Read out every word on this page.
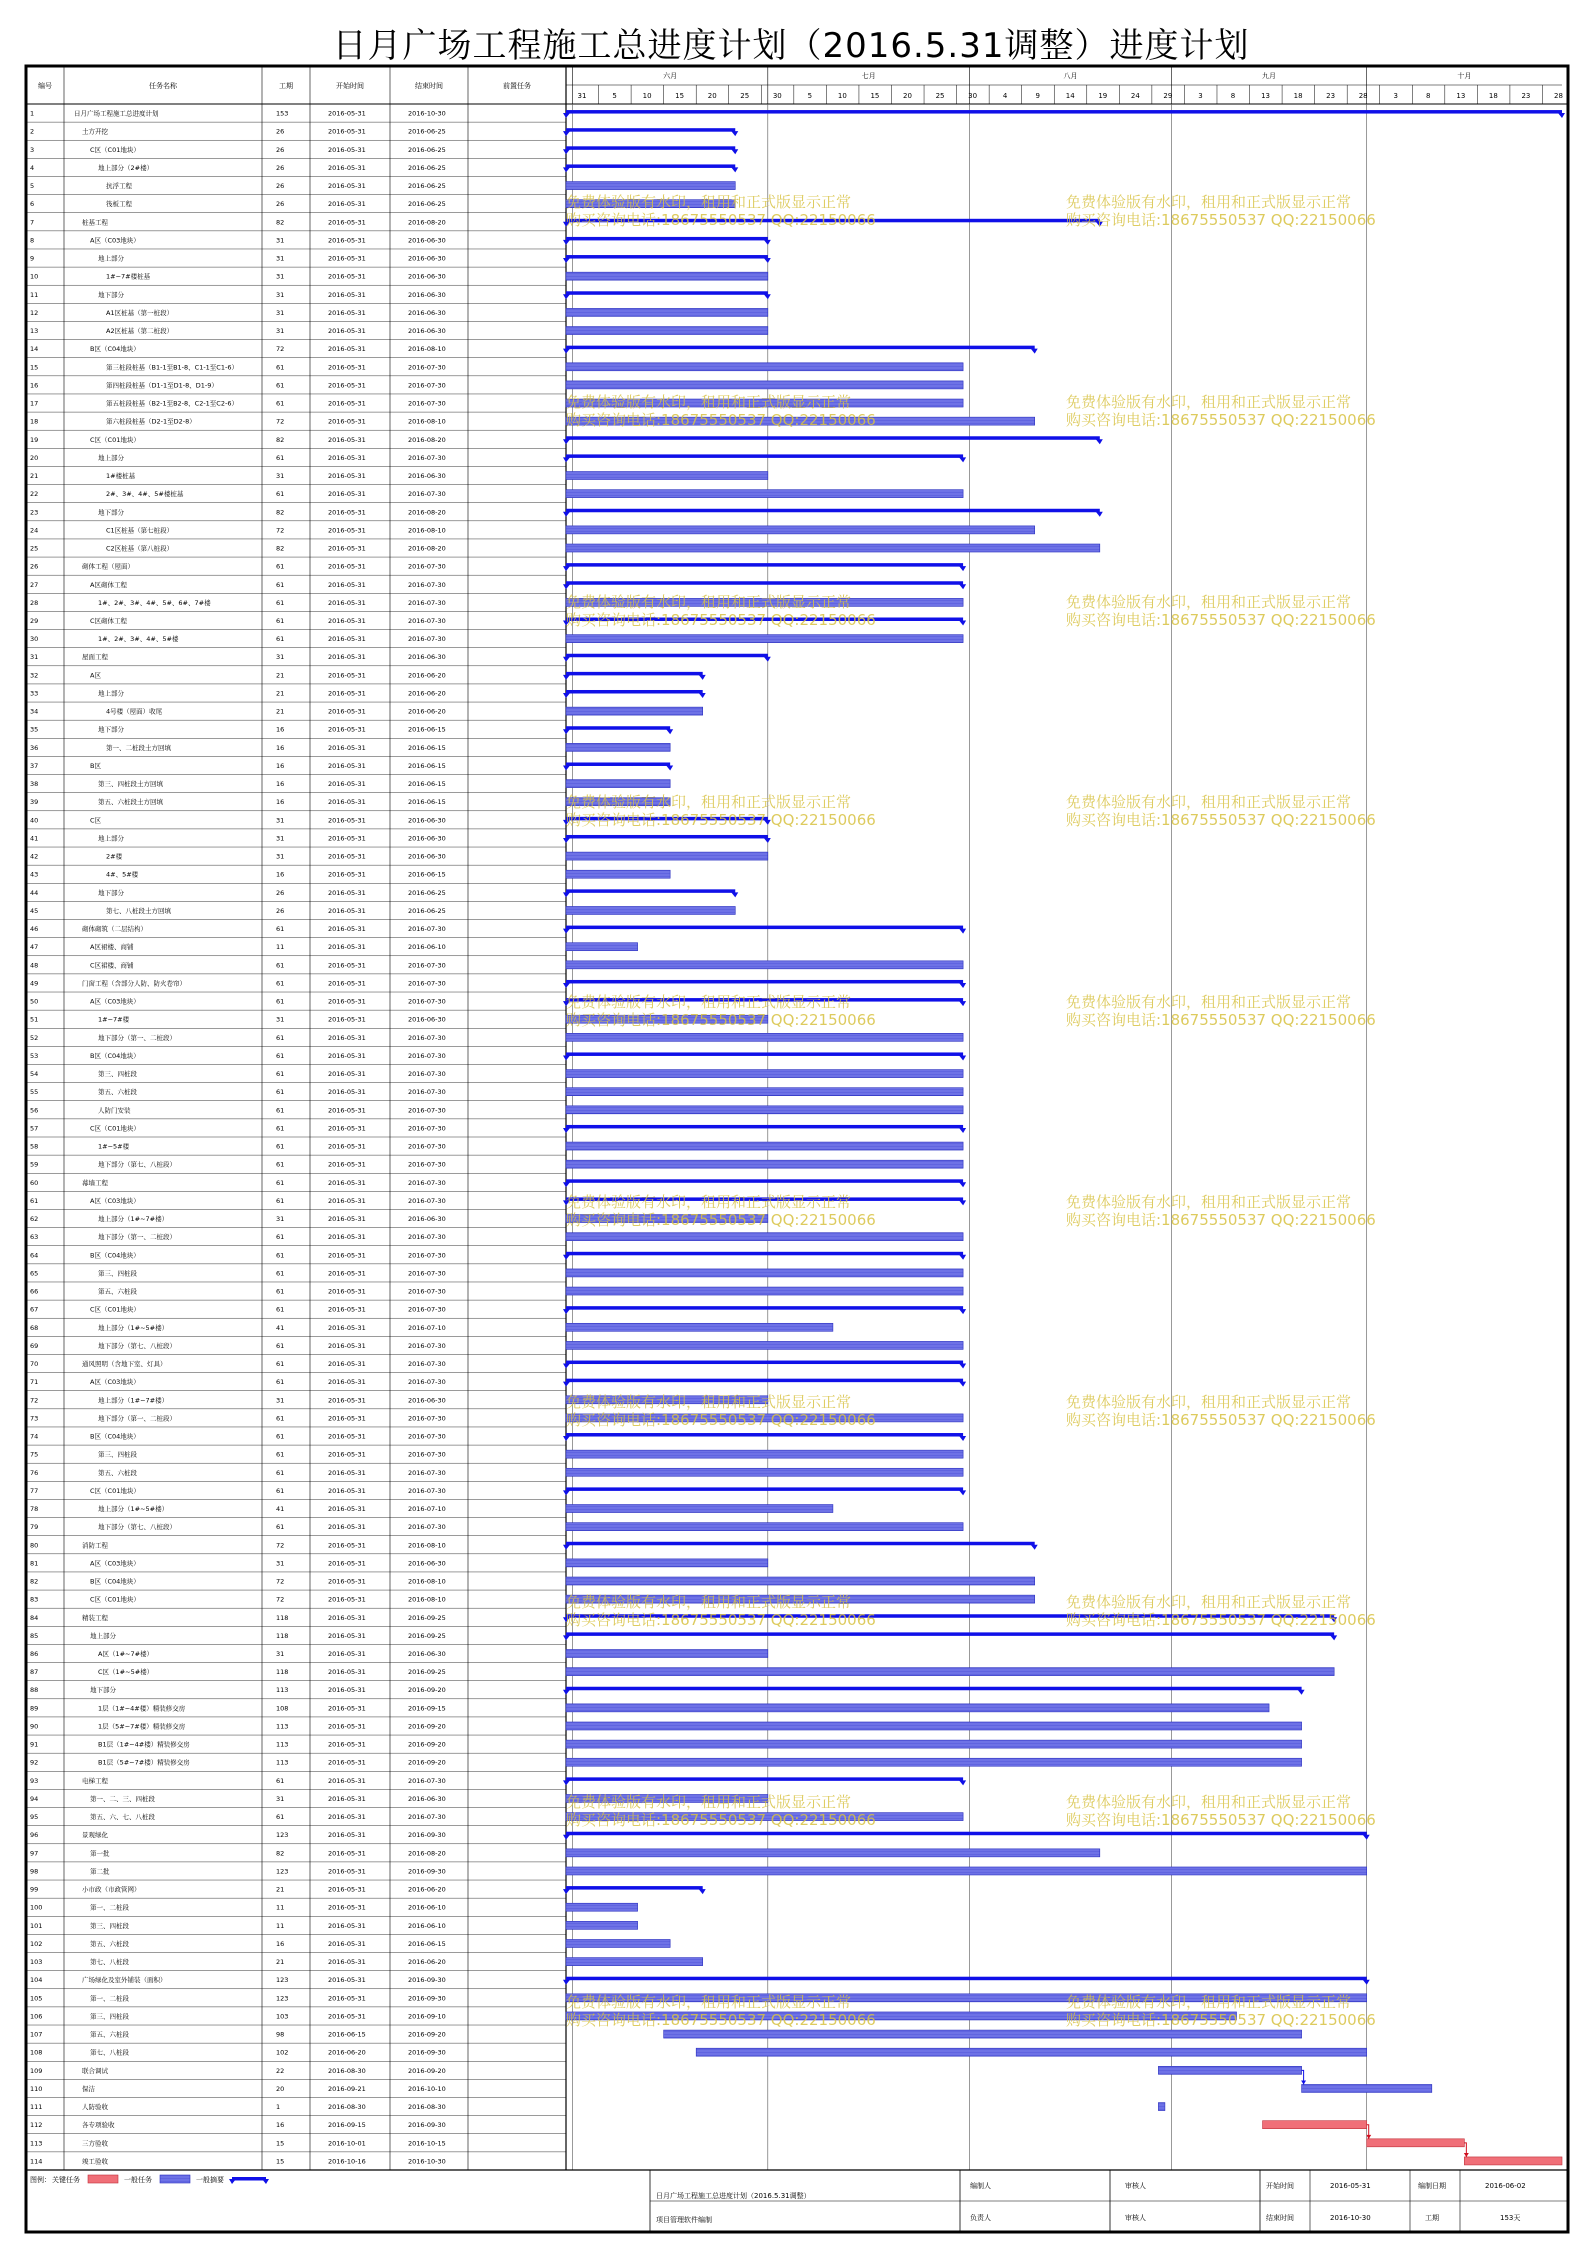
日月广场工程施工总进度计划（2016.5.31调整）进度计划
编号	任务名称	工期	开始时间	结束时间	前置任务
六月	七月	八月	九月	十月
31	5	10	15	20	25	30	5	10	15	20	25	30	4	9	14	19	24	29	3	8	13	18	23	28	3	8	13	18	23	28
1	日月广场工程施工总进度计划	153	2016-05-31	2016-10-30
2	土方开挖	26	2016-05-31	2016-06-25
3	C区（C01地块）	26	2016-05-31	2016-06-25
4	地上部分（2#楼）	26	2016-05-31	2016-06-25
5	抗浮工程	26	2016-05-31	2016-06-25
6	筏板工程	26	2016-05-31	2016-06-25
7	桩基工程	82	2016-05-31	2016-08-20
8	A区（C03地块）	31	2016-05-31	2016-06-30
9	地上部分	31	2016-05-31	2016-06-30
10	1#~7#楼桩基	31	2016-05-31	2016-06-30
11	地下部分	31	2016-05-31	2016-06-30
12	A1区桩基（第一桩段）	31	2016-05-31	2016-06-30
13	A2区桩基（第二桩段）	31	2016-05-31	2016-06-30
14	B区（C04地块）	72	2016-05-31	2016-08-10
15	第三桩段桩基（B1-1至B1-8、C1-1至C1-6）	61	2016-05-31	2016-07-30
16	第四桩段桩基（D1-1至D1-8、D1-9）	61	2016-05-31	2016-07-30
17	第五桩段桩基（B2-1至B2-8、C2-1至C2-6）	61	2016-05-31	2016-07-30
18	第六桩段桩基（D2-1至D2-8）	72	2016-05-31	2016-08-10
19	C区（C01地块）	82	2016-05-31	2016-08-20
20	地上部分	61	2016-05-31	2016-07-30
21	1#楼桩基	31	2016-05-31	2016-06-30
22	2#、3#、4#、5#楼桩基	61	2016-05-31	2016-07-30
23	地下部分	82	2016-05-31	2016-08-20
24	C1区桩基（第七桩段）	72	2016-05-31	2016-08-10
25	C2区桩基（第八桩段）	82	2016-05-31	2016-08-20
26	砌体工程（屋面）	61	2016-05-31	2016-07-30
27	A区砌体工程	61	2016-05-31	2016-07-30
28	1#、2#、3#、4#、5#、6#、7#楼	61	2016-05-31	2016-07-30
29	C区砌体工程	61	2016-05-31	2016-07-30
30	1#、2#、3#、4#、5#楼	61	2016-05-31	2016-07-30
31	屋面工程	31	2016-05-31	2016-06-30
32	A区	21	2016-05-31	2016-06-20
33	地上部分	21	2016-05-31	2016-06-20
34	4号楼（屋面）收尾	21	2016-05-31	2016-06-20
35	地下部分	16	2016-05-31	2016-06-15
36	第一、二桩段土方回填	16	2016-05-31	2016-06-15
37	B区	16	2016-05-31	2016-06-15
38	第三、四桩段土方回填	16	2016-05-31	2016-06-15
39	第五、六桩段土方回填	16	2016-05-31	2016-06-15
40	C区	31	2016-05-31	2016-06-30
41	地上部分	31	2016-05-31	2016-06-30
42	2#楼	31	2016-05-31	2016-06-30
43	4#、5#楼	16	2016-05-31	2016-06-15
44	地下部分	26	2016-05-31	2016-06-25
45	第七、八桩段土方回填	26	2016-05-31	2016-06-25
46	砌体砌筑（二层结构）	61	2016-05-31	2016-07-30
47	A区裙楼、商铺	11	2016-05-31	2016-06-10
48	C区裙楼、商铺	61	2016-05-31	2016-07-30
49	门窗工程（含部分人防、防火卷帘）	61	2016-05-31	2016-07-30
50	A区（C03地块）	61	2016-05-31	2016-07-30
51	1#~7#楼	31	2016-05-31	2016-06-30
52	地下部分（第一、二桩段）	61	2016-05-31	2016-07-30
53	B区（C04地块）	61	2016-05-31	2016-07-30
54	第三、四桩段	61	2016-05-31	2016-07-30
55	第五、六桩段	61	2016-05-31	2016-07-30
56	人防门安装	61	2016-05-31	2016-07-30
57	C区（C01地块）	61	2016-05-31	2016-07-30
58	1#~5#楼	61	2016-05-31	2016-07-30
59	地下部分（第七、八桩段）	61	2016-05-31	2016-07-30
60	幕墙工程	61	2016-05-31	2016-07-30
61	A区（C03地块）	61	2016-05-31	2016-07-30
62	地上部分（1#~7#楼）	31	2016-05-31	2016-06-30
63	地下部分（第一、二桩段）	61	2016-05-31	2016-07-30
64	B区（C04地块）	61	2016-05-31	2016-07-30
65	第三、四桩段	61	2016-05-31	2016-07-30
66	第五、六桩段	61	2016-05-31	2016-07-30
67	C区（C01地块）	61	2016-05-31	2016-07-30
68	地上部分（1#~5#楼）	41	2016-05-31	2016-07-10
69	地下部分（第七、八桩段）	61	2016-05-31	2016-07-30
70	通风照明（含地下室、灯具）	61	2016-05-31	2016-07-30
71	A区（C03地块）	61	2016-05-31	2016-07-30
72	地上部分（1#~7#楼）	31	2016-05-31	2016-06-30
73	地下部分（第一、二桩段）	61	2016-05-31	2016-07-30
74	B区（C04地块）	61	2016-05-31	2016-07-30
75	第三、四桩段	61	2016-05-31	2016-07-30
76	第五、六桩段	61	2016-05-31	2016-07-30
77	C区（C01地块）	61	2016-05-31	2016-07-30
78	地上部分（1#~5#楼）	41	2016-05-31	2016-07-10
79	地下部分（第七、八桩段）	61	2016-05-31	2016-07-30
80	消防工程	72	2016-05-31	2016-08-10
81	A区（C03地块）	31	2016-05-31	2016-06-30
82	B区（C04地块）	72	2016-05-31	2016-08-10
83	C区（C01地块）	72	2016-05-31	2016-08-10
84	精装工程	118	2016-05-31	2016-09-25
85	地上部分	118	2016-05-31	2016-09-25
86	A区（1#~7#楼）	31	2016-05-31	2016-06-30
87	C区（1#~5#楼）	118	2016-05-31	2016-09-25
88	地下部分	113	2016-05-31	2016-09-20
89	1层（1#~4#楼）精装修交房	108	2016-05-31	2016-09-15
90	1层（5#~7#楼）精装修交房	113	2016-05-31	2016-09-20
91	B1层（1#~4#楼）精装修交房	113	2016-05-31	2016-09-20
92	B1层（5#~7#楼）精装修交房	113	2016-05-31	2016-09-20
93	电梯工程	61	2016-05-31	2016-07-30
94	第一、二、三、四桩段	31	2016-05-31	2016-06-30
95	第五、六、七、八桩段	61	2016-05-31	2016-07-30
96	景观绿化	123	2016-05-31	2016-09-30
97	第一批	82	2016-05-31	2016-08-20
98	第二批	123	2016-05-31	2016-09-30
99	小市政（市政管网）	21	2016-05-31	2016-06-20
100	第一、二桩段	11	2016-05-31	2016-06-10
101	第三、四桩段	11	2016-05-31	2016-06-10
102	第五、六桩段	16	2016-05-31	2016-06-15
103	第七、八桩段	21	2016-05-31	2016-06-20
104	广场绿化及室外铺装（面积）	123	2016-05-31	2016-09-30
105	第一、二桩段	123	2016-05-31	2016-09-30
106	第三、四桩段	103	2016-05-31	2016-09-10
107	第五、六桩段	98	2016-06-15	2016-09-20
108	第七、八桩段	102	2016-06-20	2016-09-30
109	联合调试	22	2016-08-30	2016-09-20
110	保洁	20	2016-09-21	2016-10-10
111	人防验收	1	2016-08-30	2016-08-30
112	各专项验收	16	2016-09-15	2016-09-30
113	三方验收	15	2016-10-01	2016-10-15
114	竣工验收	15	2016-10-16	2016-10-30
免费体验版有水印，租用和正式版显示正常
购买咨询电话:18675550537 QQ:22150066
免费体验版有水印，租用和正式版显示正常
购买咨询电话:18675550537 QQ:22150066
免费体验版有水印，租用和正式版显示正常
购买咨询电话:18675550537 QQ:22150066
免费体验版有水印，租用和正式版显示正常
购买咨询电话:18675550537 QQ:22150066
免费体验版有水印，租用和正式版显示正常
购买咨询电话:18675550537 QQ:22150066
免费体验版有水印，租用和正式版显示正常
购买咨询电话:18675550537 QQ:22150066
免费体验版有水印，租用和正式版显示正常
购买咨询电话:18675550537 QQ:22150066
免费体验版有水印，租用和正式版显示正常
购买咨询电话:18675550537 QQ:22150066
免费体验版有水印，租用和正式版显示正常
购买咨询电话:18675550537 QQ:22150066
免费体验版有水印，租用和正式版显示正常
购买咨询电话:18675550537 QQ:22150066
免费体验版有水印，租用和正式版显示正常
购买咨询电话:18675550537 QQ:22150066
免费体验版有水印，租用和正式版显示正常
购买咨询电话:18675550537 QQ:22150066
免费体验版有水印，租用和正式版显示正常
购买咨询电话:18675550537 QQ:22150066
免费体验版有水印，租用和正式版显示正常
购买咨询电话:18675550537 QQ:22150066
免费体验版有水印，租用和正式版显示正常
购买咨询电话:18675550537 QQ:22150066
免费体验版有水印，租用和正式版显示正常
购买咨询电话:18675550537 QQ:22150066
免费体验版有水印，租用和正式版显示正常
购买咨询电话:18675550537 QQ:22150066
免费体验版有水印，租用和正式版显示正常
购买咨询电话:18675550537 QQ:22150066
免费体验版有水印，租用和正式版显示正常
购买咨询电话:18675550537 QQ:22150066
免费体验版有水印，租用和正式版显示正常
购买咨询电话:18675550537 QQ:22150066
图例： 关键任务	一般任务	一般摘要
日月广场工程施工总进度计划（2016.5.31调整）
项目管理软件编制
编制人
负责人
审核人
审核人
开始时间	2016-05-31
结束时间	2016-10-30
编制日期	2016-06-02
工期	153天
